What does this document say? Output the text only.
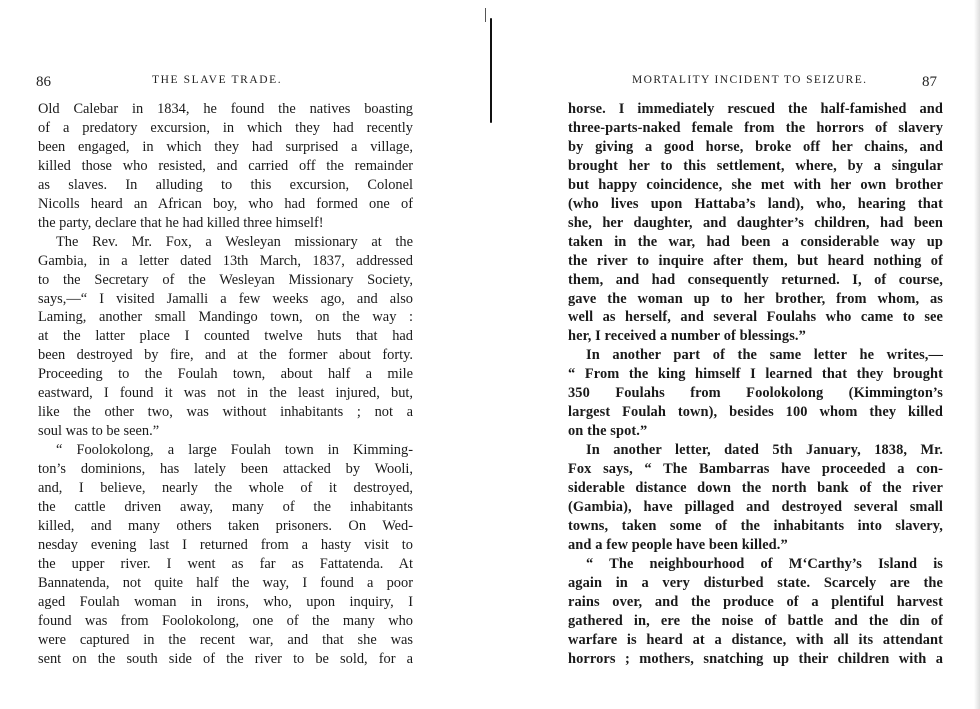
86	THE SLAVE TRADE.
Old Calebar in 1834, he found the natives boasting
of a predatory excursion, in which they had recently
been engaged, in which they had surprised a village,
killed those who resisted, and carried off the remainder
as slaves. In alluding to this excursion, Colonel
Nicolls heard an African boy, who had formed one of
the party, declare that he had killed three himself!
The Rev. Mr. Fox, a Wesleyan missionary at the
Gambia, in a letter dated 13th March, 1837, addressed
to the Secretary of the Wesleyan Missionary Society,
says,—“ I visited Jamalli a few weeks ago, and also
Laming, another small Mandingo town, on the way :
at the latter place I counted twelve huts that had
been destroyed by fire, and at the former about forty.
Proceeding to the Foulah town, about half a mile
eastward, I found it was not in the least injured, but,
like the other two, was without inhabitants ; not a
soul was to be seen.”
“ Foolokolong, a large Foulah town in Kimming-
ton’s dominions, has lately been attacked by Wooli,
and, I believe, nearly the whole of it destroyed,
the cattle driven away, many of the inhabitants
killed, and many others taken prisoners. On Wed-
nesday evening last I returned from a hasty visit to
the upper river. I went as far as Fattatenda. At
Bannatenda, not quite half the way, I found a poor
aged Foulah woman in irons, who, upon inquiry, I
found was from Foolokolong, one of the many who
were captured in the recent war, and that she was
sent on the south side of the river to be sold, for a
MORTALITY INCIDENT TO SEIZURE.	87
horse. I immediately rescued the half-famished and
three-parts-naked female from the horrors of slavery
by giving a good horse, broke off her chains, and
brought her to this settlement, where, by a singular
but happy coincidence, she met with her own brother
(who lives upon Hattaba’s land), who, hearing that
she, her daughter, and daughter’s children, had been
taken in the war, had been a considerable way up
the river to inquire after them, but heard nothing of
them, and had consequently returned. I, of course,
gave the woman up to her brother, from whom, as
well as herself, and several Foulahs who came to see
her, I received a number of blessings.”
In another part of the same letter he writes,—
“ From the king himself I learned that they brought
350 Foulahs from Foolokolong (Kimmington’s
largest Foulah town), besides 100 whom they killed
on the spot.”
In another letter, dated 5th January, 1838, Mr.
Fox says, “ The Bambarras have proceeded a con-
siderable distance down the north bank of the river
(Gambia), have pillaged and destroyed several small
towns, taken some of the inhabitants into slavery,
and a few people have been killed.”
“ The neighbourhood of M‘Carthy’s Island is
again in a very disturbed state. Scarcely are the
rains over, and the produce of a plentiful harvest
gathered in, ere the noise of battle and the din of
warfare is heard at a distance, with all its attendant
horrors ; mothers, snatching up their children with a
